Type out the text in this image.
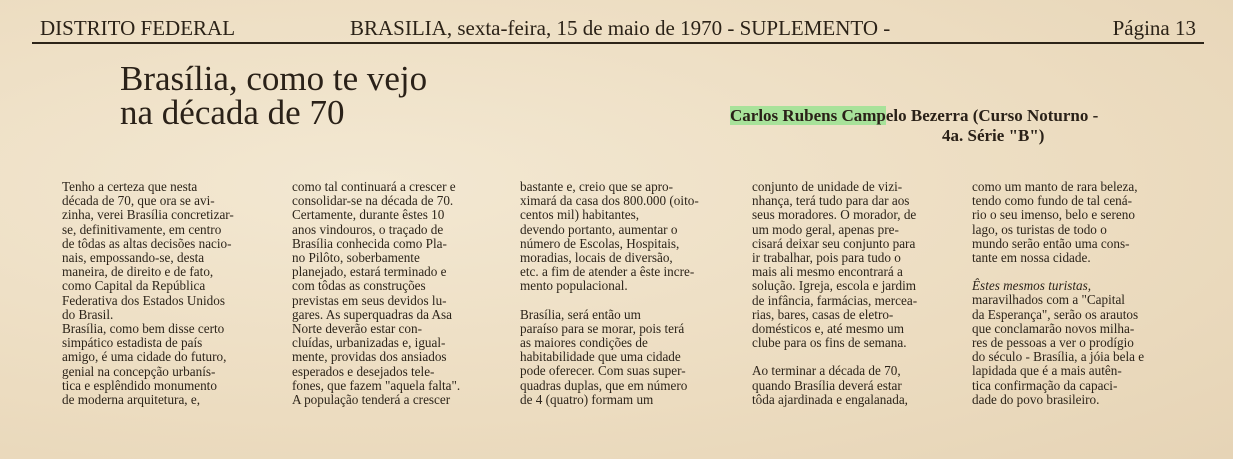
DISTRITO FEDERAL	BRASILIA, sexta-feira, 15 de maio de 1970 - SUPLEMENTO -	Página 13
Brasília, como te vejo
na década de 70	Carlos Rubens Campelo Bezerra (Curso Noturno -
4a. Série "B")
Tenho a certeza que nesta
década de 70, que ora se avi-
zinha, verei Brasília concretizar-
se, definitivamente, em centro
de tôdas as altas decisões nacio-
nais, empossando-se, desta
maneira, de direito e de fato,
como Capital da República
Federativa dos Estados Unidos
do Brasil.
Brasília, como bem disse certo
simpático estadista de país
amigo, é uma cidade do futuro,
genial na concepção urbanís-
tica e esplêndido monumento
de moderna arquitetura, e,
como tal continuará a crescer e
consolidar-se na década de 70.
Certamente, durante êstes 10
anos vindouros, o traçado de
Brasília conhecida como Pla-
no Pilôto, soberbamente
planejado, estará terminado e
com tôdas as construções
previstas em seus devidos lu-
gares. As superquadras da Asa
Norte deverão estar con-
cluídas, urbanizadas e, igual-
mente, providas dos ansiados
esperados e desejados tele-
fones, que fazem "aquela falta".
A população tenderá a crescer
bastante e, creio que se apro-
ximará da casa dos 800.000 (oito-
centos mil) habitantes,
devendo portanto, aumentar o
número de Escolas, Hospitais,
moradias, locais de diversão,
etc. a fim de atender a êste incre-
mento populacional.
Brasília, será então um
paraíso para se morar, pois terá
as maiores condições de
habitabilidade que uma cidade
pode oferecer. Com suas super-
quadras duplas, que em número
de 4 (quatro) formam um
conjunto de unidade de vizi-
nhança, terá tudo para dar aos
seus moradores. O morador, de
um modo geral, apenas pre-
cisará deixar seu conjunto para
ir trabalhar, pois para tudo o
mais ali mesmo encontrará a
solução. Igreja, escola e jardim
de infância, farmácias, merceа-
rias, bares, casas de eletro-
domésticos e, até mesmo um
clube para os fins de semana.
Ao terminar a década de 70,
quando Brasília deverá estar
tôda ajardinada e engalanada,
como um manto de rara beleza,
tendo como fundo de tal cená-
rio o seu imenso, belo e sereno
lago, os turistas de todo o
mundo serão então uma cons-
tante em nossa cidade.
Êstes mesmos turistas,
maravilhados com a "Capital
da Esperança", serão os arautos
que conclamarão novos milha-
res de pessoas a ver o prodígio
do século - Brasília, a jóia bela e
lapidada que é a mais autên-
tica confirmação da capaci-
dade do povo brasileiro.
